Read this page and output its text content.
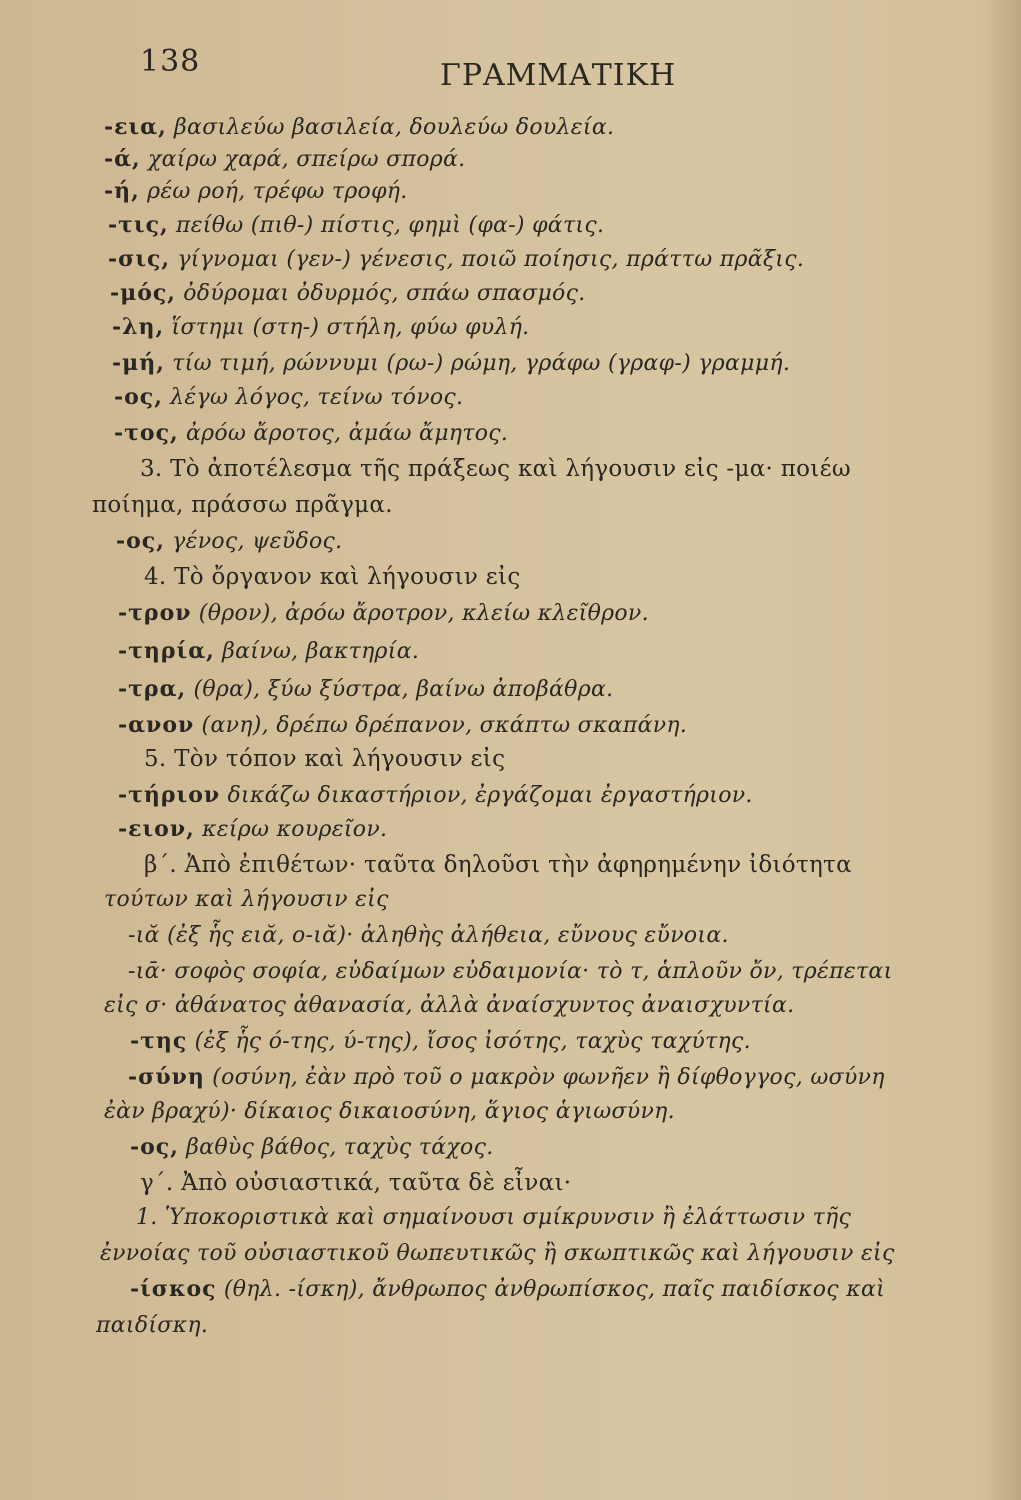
138	ΓΡΑΜΜΑΤΙΚΗ
-εια, βασιλεύω βασιλεία, δουλεύω δουλεία.
-ά, χαίρω χαρά, σπείρω σπορά.
-ή, ρέω ροή, τρέφω τροφή.
-τις, πείθω (πιθ-) πίστις, φημὶ (φα-) φάτις.
-σις, γίγνομαι (γεν-) γένεσις, ποιῶ ποίησις, πράττω πρᾶξις.
-μός, ὀδύρομαι ὀδυρμός, σπάω σπασμός.
-λη, ἵστημι (στη-) στήλη, φύω φυλή.
-μή, τίω τιμή, ρώννυμι (ρω-) ρώμη, γράφω (γραφ-) γραμμή.
-ος, λέγω λόγος, τείνω τόνος.
-τος, ἀρόω ἄροτος, ἀμάω ἄμητος.
3. Τὸ ἀποτέλεσμα τῆς πράξεως καὶ λήγουσιν εἰς -μα· ποιέω
ποίημα, πράσσω πρᾶγμα.
-ος, γένος, ψεῦδος.
4. Τὸ ὄργανον καὶ λήγουσιν εἰς
-τρον (θρον), ἀρόω ἄροτρον, κλείω κλεῖθρον.
-τηρία, βαίνω, βακτηρία.
-τρα, (θρα), ξύω ξύστρα, βαίνω ἀποβάθρα.
-ανον (ανη), δρέπω δρέπανον, σκάπτω σκαπάνη.
5. Τὸν τόπον καὶ λήγουσιν εἰς
-τήριον δικάζω δικαστήριον, ἐργάζομαι ἐργαστήριον.
-ειον, κείρω κουρεῖον.
β΄. Ἀπὸ ἐπιθέτων· ταῦτα δηλοῦσι τὴν ἀφηρημένην ἰδιότητα
τούτων καὶ λήγουσιν εἰς
-ιᾰ (ἐξ ἧς ειᾰ, ο-ιᾰ)· ἀληθὴς ἀλήθεια, εὔνους εὔνοια.
-ιᾱ· σοφὸς σοφία, εὐδαίμων εὐδαιμονία· τὸ τ, ἁπλοῦν ὄν, τρέπεται
εἰς σ· ἀθάνατος ἀθανασία, ἀλλὰ ἀναίσχυντος ἀναισχυντία.
-της (ἐξ ἧς ό-της, ύ-της), ἴσος ἰσότης, ταχὺς ταχύτης.
-σύνη (οσύνη, ἐὰν πρὸ τοῦ ο μακρὸν φωνῆεν ἢ δίφθογγος, ωσύνη
ἐὰν βραχύ)· δίκαιος δικαιοσύνη, ἅγιος ἁγιωσύνη.
-ος, βαθὺς βάθος, ταχὺς τάχος.
γ΄. Ἀπὸ οὐσιαστικά, ταῦτα δὲ εἶναι·
1. Ὑποκοριστικὰ καὶ σημαίνουσι σμίκρυνσιν ἢ ἐλάττωσιν τῆς
ἐννοίας τοῦ οὐσιαστικοῦ θωπευτικῶς ἢ σκωπτικῶς καὶ λήγουσιν εἰς
-ίσκος (θηλ. -ίσκη), ἄνθρωπος ἀνθρωπίσκος, παῖς παιδίσκος καὶ
παιδίσκη.
